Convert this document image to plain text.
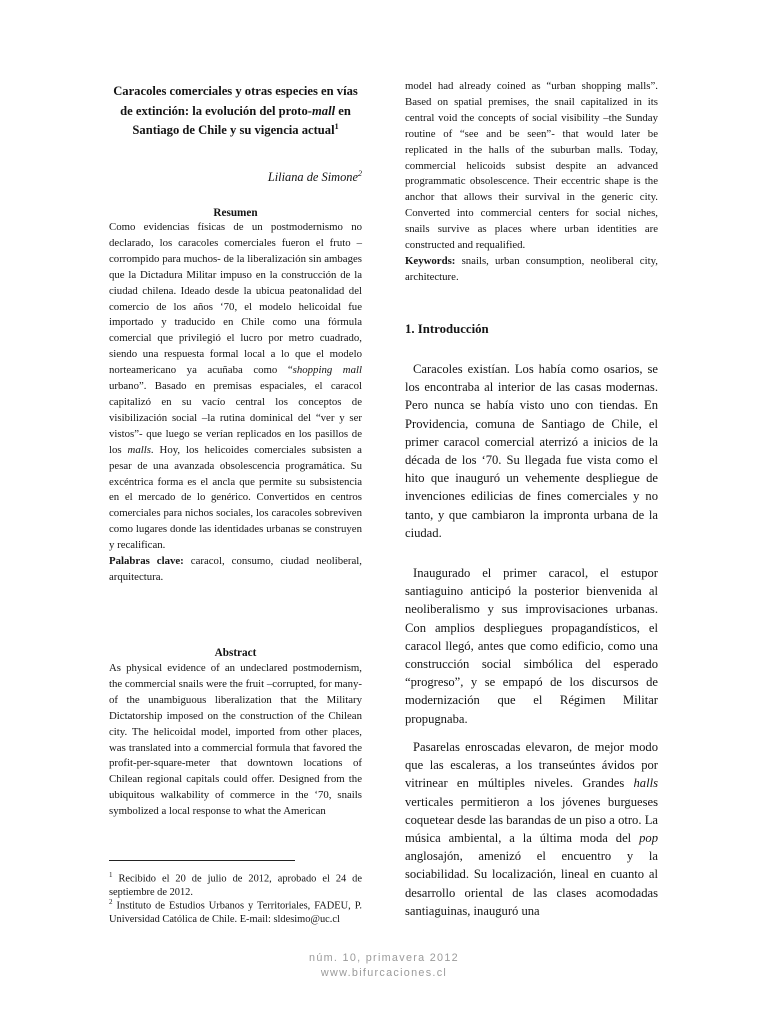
Caracoles comerciales y otras especies en vías de extinción: la evolución del proto-mall en Santiago de Chile y su vigencia actual$^1$
Liliana de Simone$^2$
Resumen
Como evidencias físicas de un postmodernismo no declarado, los caracoles comerciales fueron el fruto –corrompido para muchos- de la liberalización sin ambages que la Dictadura Militar impuso en la construcción de la ciudad chilena. Ideado desde la ubicua peatonalidad del comercio de los años ‘70, el modelo helicoidal fue importado y traducido en Chile como una fórmula comercial que privilegió el lucro por metro cuadrado, siendo una respuesta formal local a lo que el modelo norteamericano ya acuñaba como “shopping mall urbano”. Basado en premisas espaciales, el caracol capitalizó en su vacío central los conceptos de visibilización social –la rutina dominical del “ver y ser vistos”- que luego se verían replicados en los pasillos de los malls. Hoy, los helicoides comerciales subsisten a pesar de una avanzada obsolescencia programática. Su excéntrica forma es el ancla que permite su subsistencia en el mercado de lo genérico. Convertidos en centros comerciales para nichos sociales, los caracoles sobreviven como lugares donde las identidades urbanas se construyen y recalifican.
Palabras clave: caracol, consumo, ciudad neoliberal, arquitectura.
Abstract
As physical evidence of an undeclared postmodernism, the commercial snails were the fruit –corrupted, for many- of the unambiguous liberalization that the Military Dictatorship imposed on the construction of the Chilean city. The helicoidal model, imported from other places, was translated into a commercial formula that favored the profit-per-square-meter that downtown locations of Chilean regional capitals could offer. Designed from the ubiquitous walkability of commerce in the ‘70, snails symbolized a local response to what the American
$^1$ Recibido el 20 de julio de 2012, aprobado el 24 de septiembre de 2012.
$^2$ Instituto de Estudios Urbanos y Territoriales, FADEU, P. Universidad Católica de Chile. E-mail: sldesimo@uc.cl
model had already coined as “urban shopping malls”. Based on spatial premises, the snail capitalized in its central void the concepts of social visibility –the Sunday routine of “see and be seen”- that would later be replicated in the halls of the suburban malls. Today, commercial helicoids subsist despite an advanced programmatic obsolescence. Their eccentric shape is the anchor that allows their survival in the generic city. Converted into commercial centers for social niches, snails survive as places where urban identities are constructed and requalified.
Keywords: snails, urban consumption, neoliberal city, architecture.
1. Introducción
Caracoles existían. Los había como osarios, se los encontraba al interior de las casas modernas. Pero nunca se había visto uno con tiendas. En Providencia, comuna de Santiago de Chile, el primer caracol comercial aterrizó a inicios de la década de los ‘70. Su llegada fue vista como el hito que inauguró un vehemente despliegue de invenciones edilicias de fines comerciales y no tanto, y que cambiaron la impronta urbana de la ciudad.
Inaugurado el primer caracol, el estupor santiaguino anticipó la posterior bienvenida al neoliberalismo y sus improvisaciones urbanas. Con amplios despliegues propagandísticos, el caracol llegó, antes que como edificio, como una construcción social simbólica del esperado “progreso”, y se empapó de los discursos de modernización que el Régimen Militar propugnaba.
Pasarelas enroscadas elevaron, de mejor modo que las escaleras, a los transeúntes ávidos por vitrinear en múltiples niveles. Grandes halls verticales permitieron a los jóvenes burgueses coquetear desde las barandas de un piso a otro. La música ambiental, a la última moda del pop anglosajón, amenizó el encuentro y la sociabilidad. Su localización, lineal en cuanto al desarrollo oriental de las clases acomodadas santiaguinas, inauguró una
núm. 10, primavera 2012
www.bifurcaciones.cl
